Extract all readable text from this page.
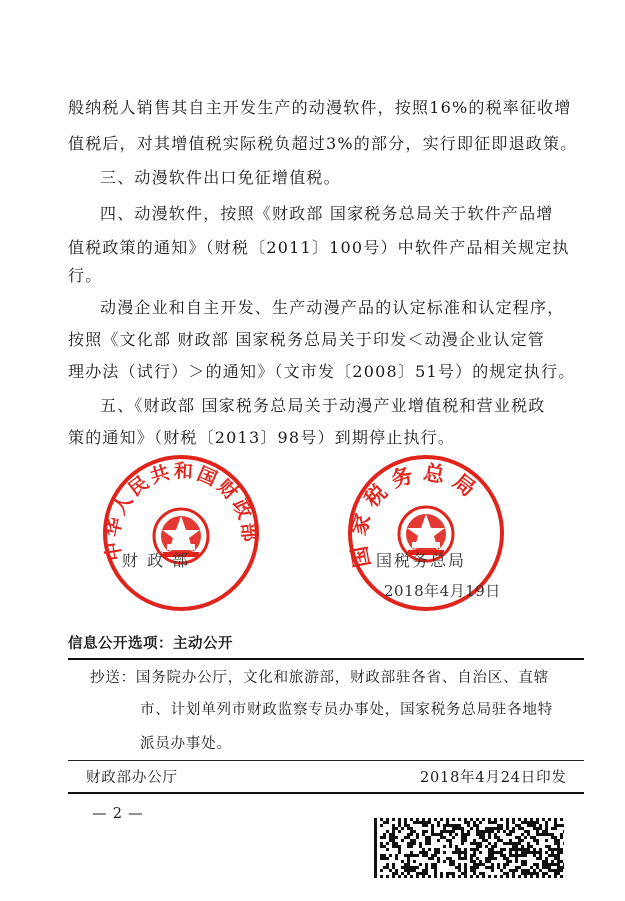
般纳税人销售其自主开发生产的动漫软件，按照16%的税率征收增
值税后，对其增值税实际税负超过3%的部分，实行即征即退政策。
三、动漫软件出口免征增值税。
四、动漫软件，按照《财政部 国家税务总局关于软件产品增
值税政策的通知》（财税〔2011〕100号）中软件产品相关规定执
行。
动漫企业和自主开发、生产动漫产品的认定标准和认定程序，
按照《文化部 财政部 国家税务总局关于印发＜动漫企业认定管
理办法（试行）＞的通知》（文市发〔2008〕51号）的规定执行。
五、《财政部 国家税务总局关于动漫产业增值税和营业税政
策的通知》（财税〔2013〕98号）到期停止执行。
中华人民共和国财政部
财 政 部	国家税务总局
国税务总局
2018年4月19日
信息公开选项：主动公开
抄送：国务院办公厅，文化和旅游部，财政部驻各省、自治区、直辖
市、计划单列市财政监察专员办事处，国家税务总局驻各地特
派员办事处。
财政部办公厅	2018年4月24日印发
— 2 —
